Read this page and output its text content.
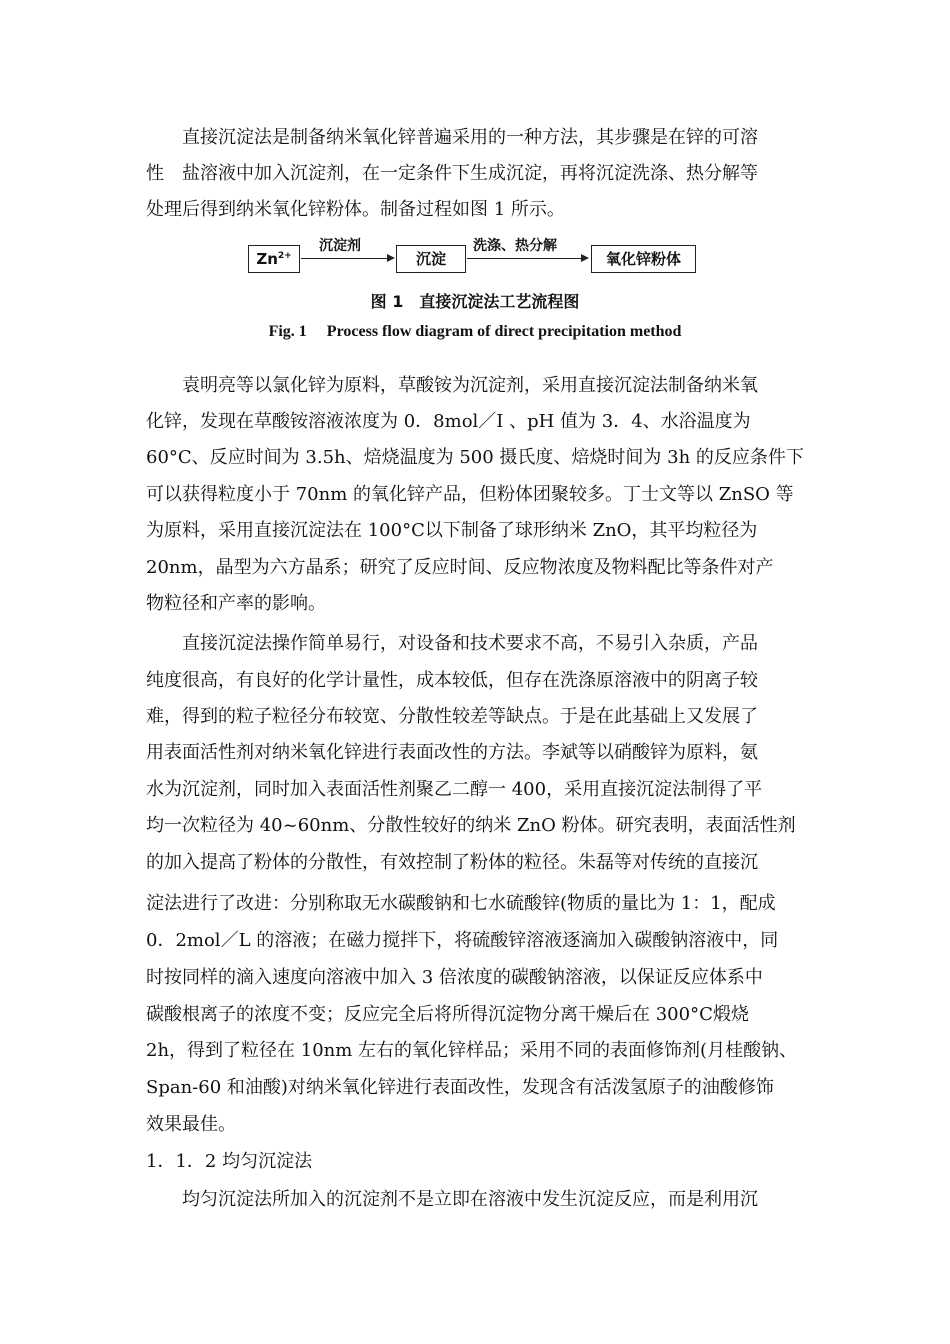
直接沉淀法是制备纳米氧化锌普遍采用的一种方法，其步骤是在锌的可溶
性　盐溶液中加入沉淀剂，在一定条件下生成沉淀，再将沉淀洗涤、热分解等
处理后得到纳米氧化锌粉体。制备过程如图 1 所示。
$Zn^{2+}$
沉淀剂
沉淀
洗涤、热分解
氧化锌粉体
图 1　直接沉淀法工艺流程图
Fig. 1　 Process flow diagram of direct precipitation method
袁明亮等以氯化锌为原料，草酸铵为沉淀剂，采用直接沉淀法制备纳米氧
化锌，发现在草酸铵溶液浓度为 0．8mol／I 、pH 值为 3．4、水浴温度为
60°C、反应时间为 3.5h、焙烧温度为 500 摄氏度、焙烧时间为 3h 的反应条件下
可以获得粒度小于 70nm 的氧化锌产品，但粉体团聚较多。丁士文等以 ZnSO 等
为原料，采用直接沉淀法在 100°C以下制备了球形纳米 ZnO，其平均粒径为
20nm，晶型为六方晶系；研究了反应时间、反应物浓度及物料配比等条件对产
物粒径和产率的影响。
直接沉淀法操作简单易行，对设备和技术要求不高，不易引入杂质，产品
纯度很高，有良好的化学计量性，成本较低，但存在洗涤原溶液中的阴离子较
难，得到的粒子粒径分布较宽、分散性较差等缺点。于是在此基础上又发展了
用表面活性剂对纳米氧化锌进行表面改性的方法。李斌等以硝酸锌为原料，氨
水为沉淀剂，同时加入表面活性剂聚乙二醇一 400，采用直接沉淀法制得了平
均一次粒径为 40~60nm、分散性较好的纳米 ZnO 粉体。研究表明，表面活性剂
的加入提高了粉体的分散性，有效控制了粉体的粒径。朱磊等对传统的直接沉
淀法进行了改进：分别称取无水碳酸钠和七水硫酸锌(物质的量比为 1：1，配成
0．2mol／L 的溶液；在磁力搅拌下，将硫酸锌溶液逐滴加入碳酸钠溶液中，同
时按同样的滴入速度向溶液中加入 3 倍浓度的碳酸钠溶液，以保证反应体系中
碳酸根离子的浓度不变；反应完全后将所得沉淀物分离干燥后在 300°C煅烧
2h，得到了粒径在 10nm 左右的氧化锌样品；采用不同的表面修饰剂(月桂酸钠、
Span-60 和油酸)对纳米氧化锌进行表面改性，发现含有活泼氢原子的油酸修饰
效果最佳。
1．1．2 均匀沉淀法
均匀沉淀法所加入的沉淀剂不是立即在溶液中发生沉淀反应，而是利用沉
